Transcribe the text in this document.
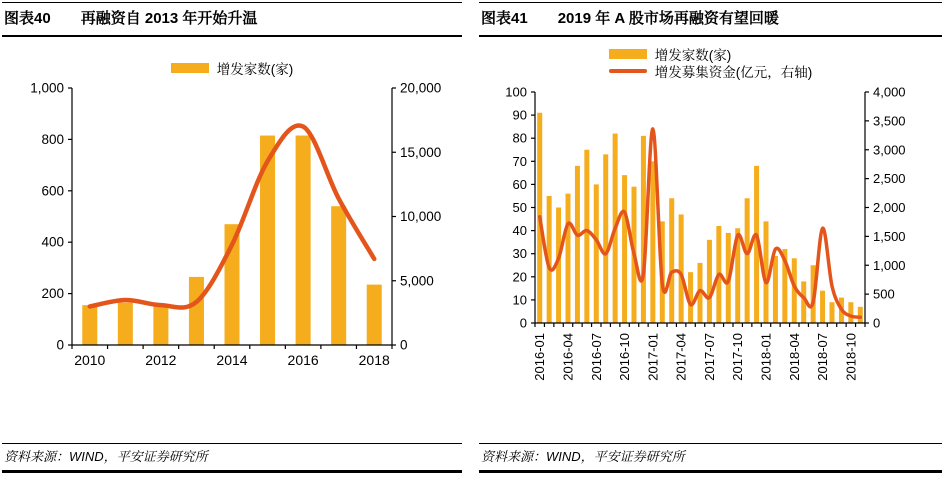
图表40 再融资自 2013 年开始升温
增发家数(家)
0
200
400
600
800
1,000
0
5,000
10,000
15,000
20,000
2010	2012	2014	2016	2018
资料来源：WIND，平安证券研究所
图表41 2019 年 A 股市场再融资有望回暖
增发家数(家)
增发募集资金(亿元，右轴)
0
10
20
30
40
50
60
70
80
90
100
0
500
1,000
1,500
2,000
2,500
3,000
3,500
4,000
2016-01 2016-04 2016-07 2016-10 2017-01 2017-04 2017-07 2017-10 2018-01 2018-04 2018-07 2018-10
资料来源：WIND，平安证券研究所
